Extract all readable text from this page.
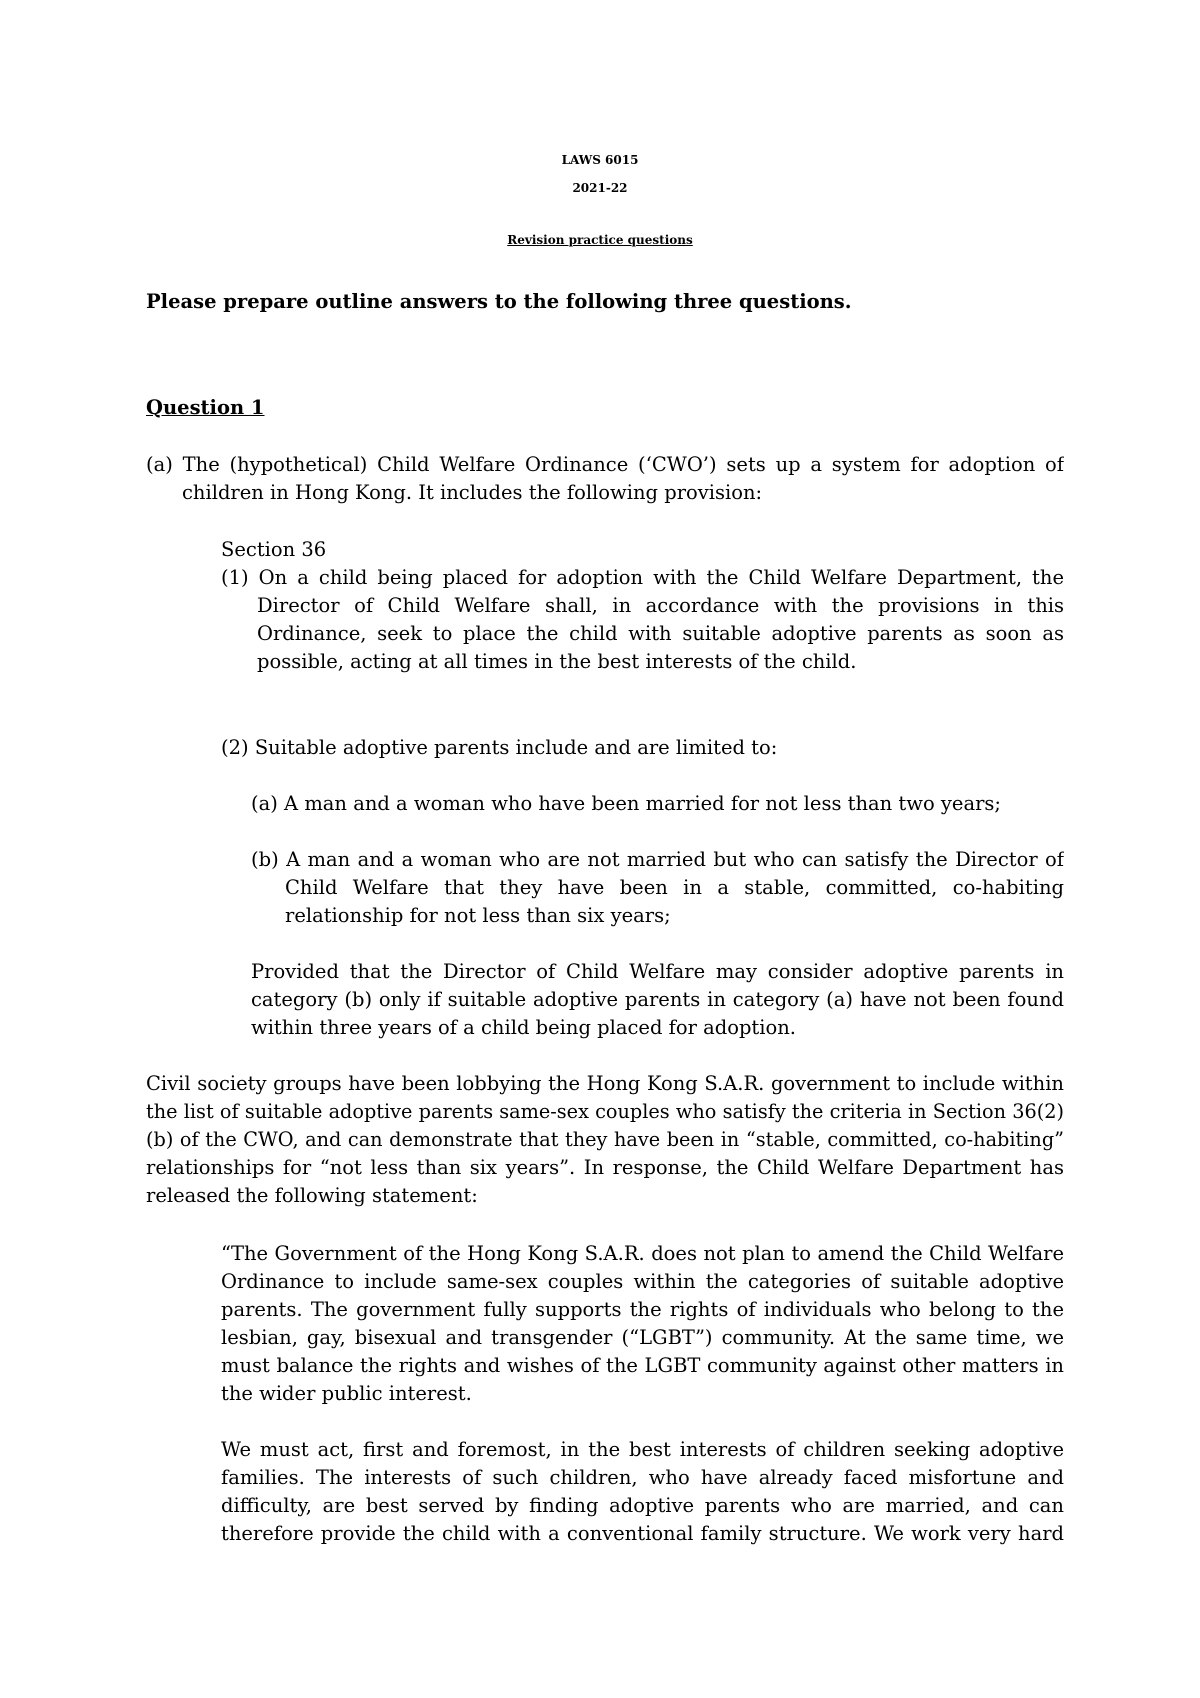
LAWS 6015
2021-22
Revision practice questions
Please prepare outline answers to the following three questions.
Question 1
(a) The (hypothetical) Child Welfare Ordinance (‘CWO’) sets up a system for adoption of
children in Hong Kong. It includes the following provision:
Section 36
(1) On a child being placed for adoption with the Child Welfare Department, the
Director of Child Welfare shall, in accordance with the provisions in this
Ordinance, seek to place the child with suitable adoptive parents as soon as
possible, acting at all times in the best interests of the child.
(2) Suitable adoptive parents include and are limited to:
(a) A man and a woman who have been married for not less than two years;
(b) A man and a woman who are not married but who can satisfy the Director of
Child Welfare that they have been in a stable, committed, co-habiting
relationship for not less than six years;
Provided that the Director of Child Welfare may consider adoptive parents in
category (b) only if suitable adoptive parents in category (a) have not been found
within three years of a child being placed for adoption.
Civil society groups have been lobbying the Hong Kong S.A.R. government to include within
the list of suitable adoptive parents same-sex couples who satisfy the criteria in Section 36(2)
(b) of the CWO, and can demonstrate that they have been in “stable, committed, co-habiting”
relationships for “not less than six years”. In response, the Child Welfare Department has
released the following statement:
“The Government of the Hong Kong S.A.R. does not plan to amend the Child Welfare
Ordinance to include same-sex couples within the categories of suitable adoptive
parents. The government fully supports the rights of individuals who belong to the
lesbian, gay, bisexual and transgender (“LGBT”) community. At the same time, we
must balance the rights and wishes of the LGBT community against other matters in
the wider public interest.
We must act, first and foremost, in the best interests of children seeking adoptive
families. The interests of such children, who have already faced misfortune and
difficulty, are best served by finding adoptive parents who are married, and can
therefore provide the child with a conventional family structure. We work very hard
